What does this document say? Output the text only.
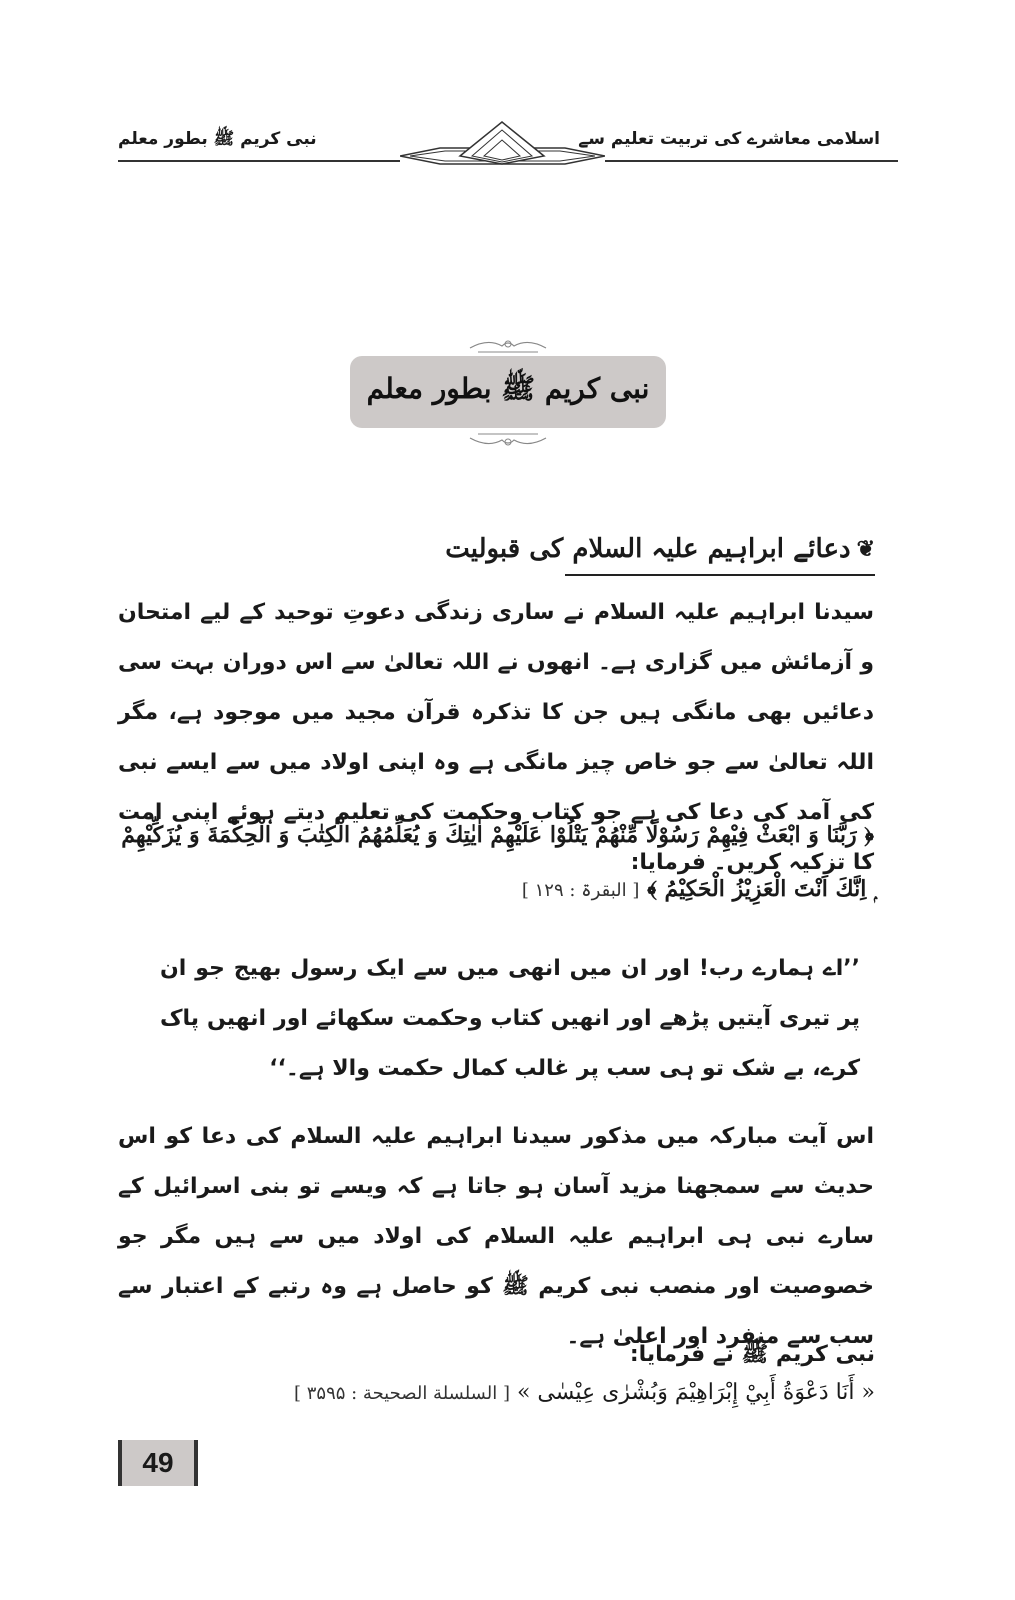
اسلامی معاشرے کی تربیت تعلیم سے
نبی کریم ﷺ بطور معلم
نبی کریم ﷺ بطور معلم
❦
دعائے ابراہیم علیہ السلام کی قبولیت
سیدنا ابراہیم علیہ السلام نے ساری زندگی دعوتِ توحید کے لیے امتحان و آزمائش میں گزاری ہے۔ انھوں نے اللہ تعالیٰ سے اس دوران بہت سی دعائیں بھی مانگی ہیں جن کا تذکرہ قرآن مجید میں موجود ہے، مگر اللہ تعالیٰ سے جو خاص چیز مانگی ہے وہ اپنی اولاد میں سے ایسے نبی کی آمد کی دعا کی ہے جو کتاب وحکمت کی تعلیم دیتے ہوئے اپنی امت کا تزکیہ کریں۔ فرمایا:
﴿ رَبَّنَا وَ ابْعَثْ فِيْهِمْ رَسُوْلًا مِّنْهُمْ يَتْلُوْا عَلَيْهِمْ اٰيٰتِكَ وَ يُعَلِّمُهُمُ الْكِتٰبَ وَ الْحِكْمَةَ وَ يُزَكِّيْهِمْ ۭ اِنَّكَ اَنْتَ الْعَزِيْزُ الْحَكِيْمُ ﴾ [ البقرۃ : ۱۲۹ ]
’’اے ہمارے رب! اور ان میں انھی میں سے ایک رسول بھیج جو ان پر تیری آیتیں پڑھے اور انھیں کتاب وحکمت سکھائے اور انھیں پاک کرے، بے شک تو ہی سب پر غالب کمال حکمت والا ہے۔‘‘
اس آیت مبارکہ میں مذکور سیدنا ابراہیم علیہ السلام کی دعا کو اس حدیث سے سمجھنا مزید آسان ہو جاتا ہے کہ ویسے تو بنی اسرائیل کے سارے نبی ہی ابراہیم علیہ السلام کی اولاد میں سے ہیں مگر جو خصوصیت اور منصب نبی کریم ﷺ کو حاصل ہے وہ رتبے کے اعتبار سے سب سے منفرد اور اعلیٰ ہے۔
نبی کریم ﷺ نے فرمایا:
« أَنَا دَعْوَةُ أَبِيْ إِبْرَاهِيْمَ وَبُشْرٰى عِيْسٰى » [ السلسلة الصحيحة : ۳۵۹۵ ]
49
